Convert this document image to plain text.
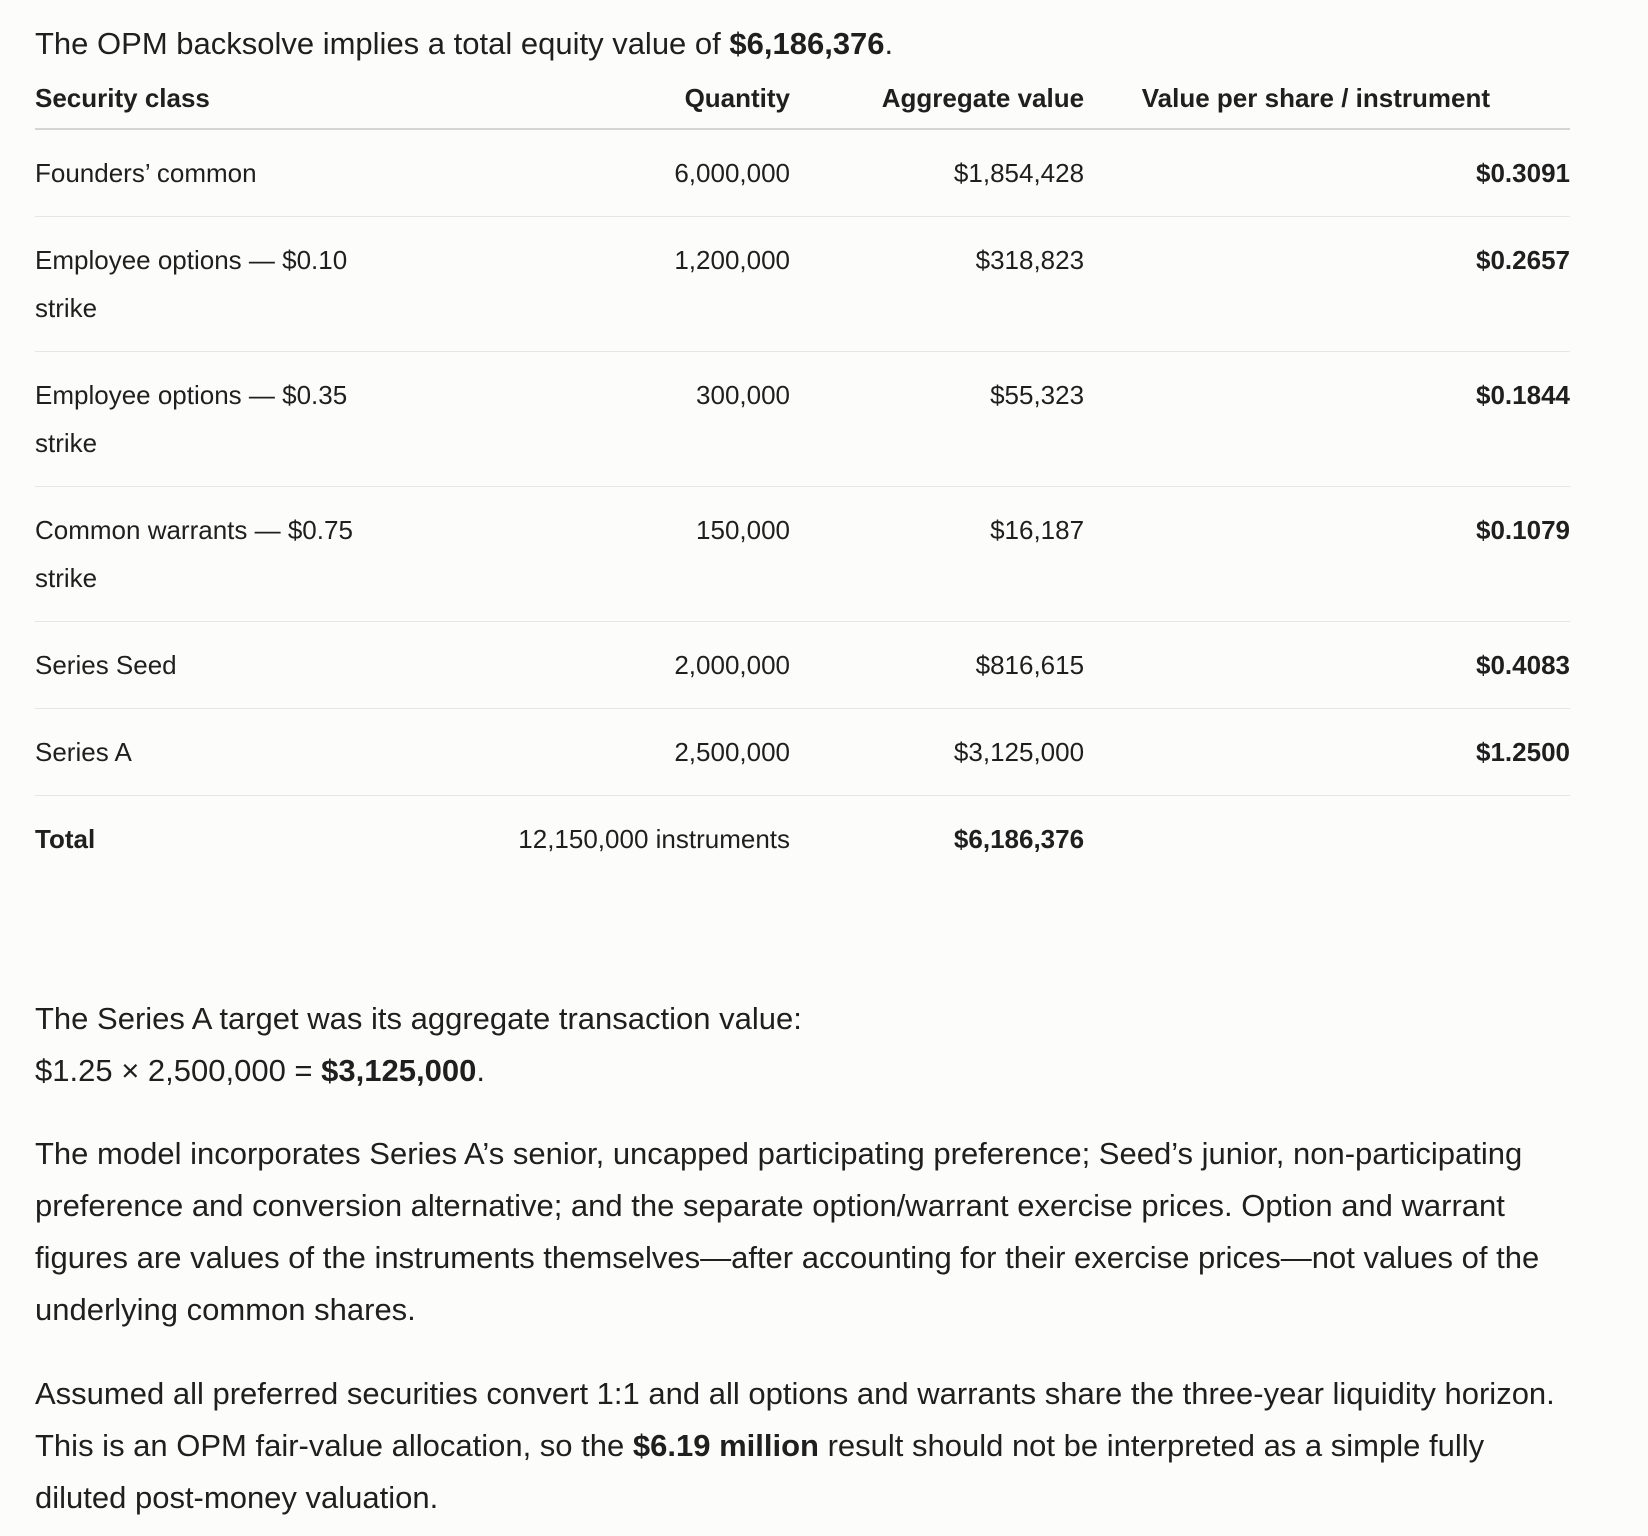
The OPM backsolve implies a total equity value of $6,186,376.

Security class	Quantity	Aggregate value	Value per share / instrument
Founders’ common	6,000,000	$1,854,428	$0.3091
Employee options — $0.10 strike	1,200,000	$318,823	$0.2657
Employee options — $0.35 strike	300,000	$55,323	$0.1844
Common warrants — $0.75 strike	150,000	$16,187	$0.1079
Series Seed	2,000,000	$816,615	$0.4083
Series A	2,500,000	$3,125,000	$1.2500
Total	12,150,000 instruments	$6,186,376	

The Series A target was its aggregate transaction value:
$1.25 × 2,500,000 = $3,125,000.

The model incorporates Series A’s senior, uncapped participating preference; Seed’s junior, non-participating preference and conversion alternative; and the separate option/warrant exercise prices. Option and warrant figures are values of the instruments themselves—after accounting for their exercise prices—not values of the underlying common shares.

Assumed all preferred securities convert 1:1 and all options and warrants share the three-year liquidity horizon. This is an OPM fair-value allocation, so the $6.19 million result should not be interpreted as a simple fully diluted post-money valuation.
